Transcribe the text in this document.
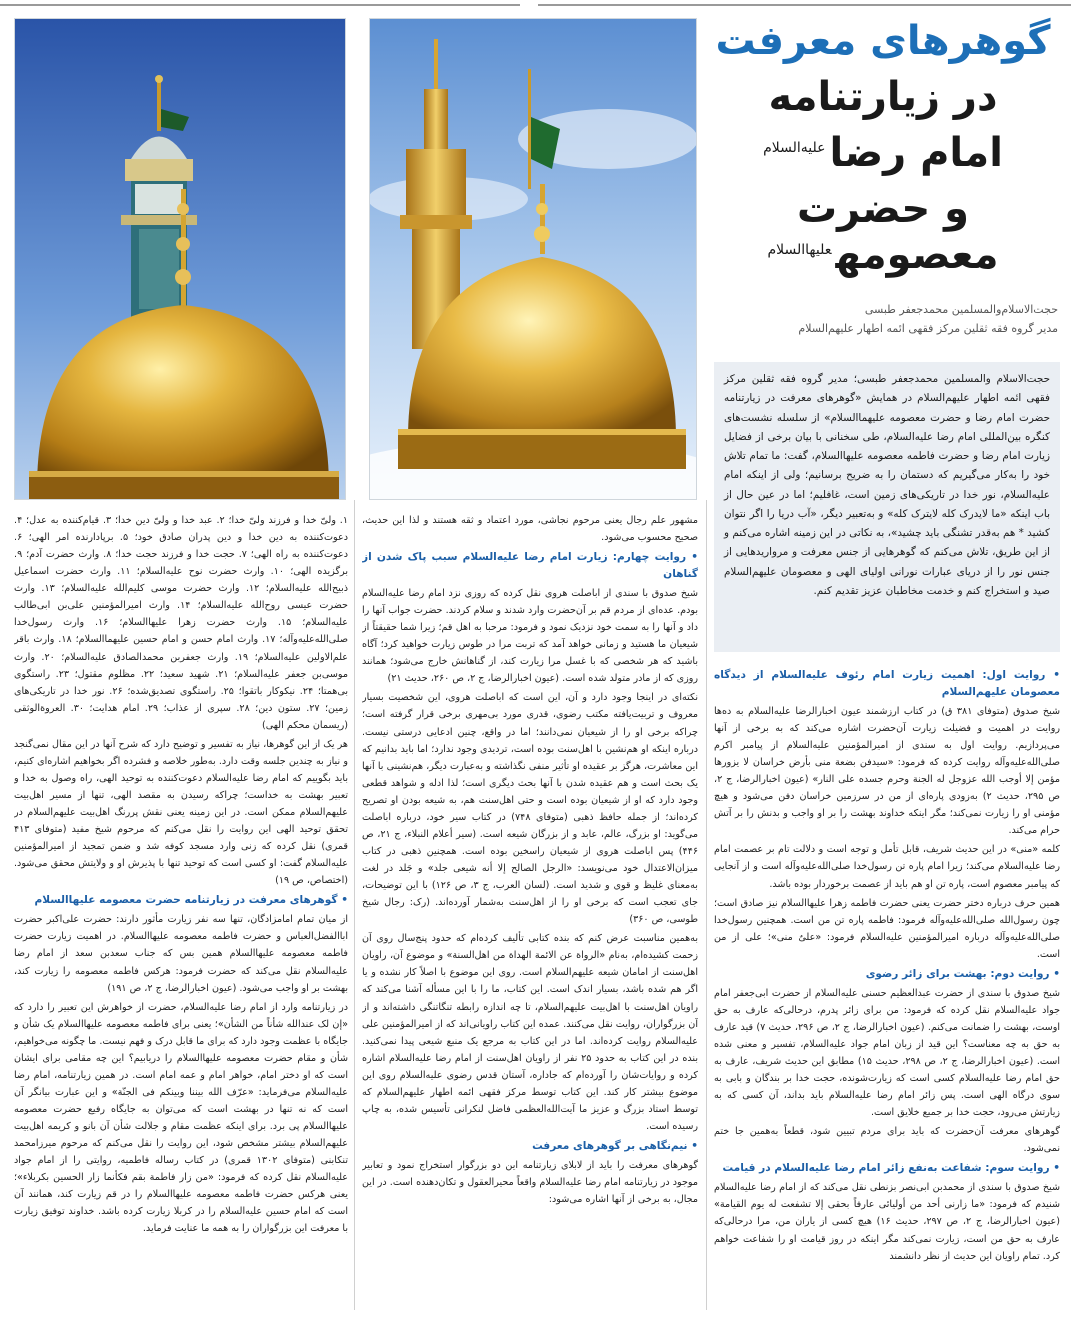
گوهرهای معرفت
در زیارتنامه
امام رضا$^{علیه‌السلام}$
و حضرت معصومه$^{علیهاالسلام}$
حجت‌الاسلام‌والمسلمین محمدجعفر طبسی
مدیر گروه فقه ثقلین مرکز فقهی ائمه اطهار علیهم‌السلام
حجت‌الاسلام والمسلمین محمدجعفر طبسی؛ مدیر گروه فقه ثقلین مرکز فقهی ائمه اطهار علیهم‌السلام در همایش «گوهرهای معرفت در زیارتنامه حضرت امام رضا و حضرت معصومه علیهماالسلام» از سلسله نشست‌های کنگره بین‌المللی امام رضا علیه‌السلام، طی سخنانی با بیان برخی از فضایل زیارت امام رضا و حضرت فاطمه معصومه علیهاالسلام، گفت: ما تمام تلاش خود را به‌کار می‌گیریم که دستمان را به ضریح برسانیم؛ ولی از اینکه امام علیه‌السلام، نور خدا در تاریکی‌های زمین است، غافلیم؛ اما در عین حال از باب اینکه «ما لایدرک کله لایترک کله» و به‌تعبیر دیگر، «آب دریا را اگر نتوان کشید * هم به‌قدر تشنگی باید چشید»، به نکاتی در این زمینه اشاره می‌کنم و از این طریق، تلاش می‌کنم که گوهرهایی از جنس معرفت و مرواریدهایی از جنس نور را از دریای عبارات نورانی اولیای الهی و معصومان علیهم‌السلام صید و استخراج کنم و خدمت مخاطبان عزیز تقدیم کنم.
• روایت اول: اهمیت زیارت امام رئوف علیه‌السلام از دیدگاه معصومان علیهم‌السلام

شیخ صدوق (متوفای ۳۸۱ ق) در کتاب ارزشمند عیون اخبارالرضا علیه‌السلام به ده‌ها روایت در اهمیت و فضیلت زیارت آن‌حضرت اشاره می‌کند که به برخی از آنها می‌پردازیم. روایت اول به سندی از امیرالمؤمنین علیه‌السلام از پیامبر اکرم صلی‌الله‌علیه‌وآله روایت کرده که فرمود: «سیدفن بضعة منی بأرض خراسان لا یزورها مؤمن إلا أوجب الله عزوجل له الجنة وحرم جسده علی النار» (عیون اخبارالرضا، ج ۲، ص ۲۹۵، حدیث ۲) به‌زودی پاره‌ای از من در سرزمین خراسان دفن می‌شود و هیچ مؤمنی او را زیارت نمی‌کند؛ مگر اینکه خداوند بهشت را بر او واجب و بدنش را بر آتش حرام می‌کند.

کلمه «منی» در این حدیث شریف، قابل تأمل و توجه است و دلالت تام بر عصمت امام رضا علیه‌السلام می‌کند؛ زیرا امام پاره تن رسول‌خدا صلی‌الله‌علیه‌وآله است و از آنجایی که پیامبر معصوم است، پاره تن او هم باید از عصمت برخوردار بوده باشد.

همین حرف درباره دختر حضرت یعنی حضرت فاطمه زهرا علیهاالسلام نیز صادق است؛ چون رسول‌الله صلی‌الله‌علیه‌وآله فرمود: فاطمه پاره تن من است. همچنین رسول‌خدا صلی‌الله‌علیه‌وآله درباره امیرالمؤمنین علیه‌السلام فرمود: «علیٌ منی»؛ علی از من است.

• روایت دوم: بهشت برای زائر رضوی

شیخ صدوق با سندی از حضرت عبدالعظیم حسنی علیه‌السلام از حضرت ابی‌جعفر امام جواد علیه‌السلام نقل کرده که فرمود: من برای زائر پدرم، درحالی‌که عارف به حق اوست، بهشت را ضمانت می‌کنم. (عیون اخبارالرضا، ج ۲، ص ۲۹۶، حدیث ۷) قید عارف به حق به چه معناست؟ این قید از زبان امام جواد علیه‌السلام، تفسیر و معنی شده است. (عیون اخبارالرضا، ج ۲، ص ۲۹۸، حدیث ۱۵) مطابق این حدیث شریف، عارف به حق امام رضا علیه‌السلام کسی است که زیارت‌شونده، حجت خدا بر بندگان و بابی به سوی درگاه الهی است. پس زائر امام رضا علیه‌السلام باید بداند، آن کسی که به زیارتش می‌رود، حجت خدا بر جمیع خلایق است.

گوهرهای معرفت آن‌حضرت که باید برای مردم تبیین شود، قطعاً به‌همین جا ختم نمی‌شود.

• روایت سوم: شفاعت به‌نفع زائر امام رضا علیه‌السلام در قیامت

شیخ صدوق با سندی از محمدبن ابی‌نصر بزنطی نقل می‌کند که از امام رضا علیه‌السلام شنیدم که فرمود: «ما زارنی أحد من أولیائی عارفاً بحقی إلا تشفعت له یوم القیامة» (عیون اخبارالرضا، ج ۲، ص ۲۹۷، حدیث ۱۶) هیچ کسی از یاران من، مرا درحالی‌که عارف به حق من است، زیارت نمی‌کند مگر اینکه در روز قیامت او را شفاعت خواهم کرد. تمام راویان این حدیث از نظر دانشمند

مشهور علم رجال یعنی مرحوم نجاشی، مورد اعتماد و ثقه هستند و لذا این حدیث، صحیح محسوب می‌شود.

• روایت چهارم: زیارت امام رضا علیه‌السلام سبب پاک شدن از گناهان

شیخ صدوق با سندی از اباصلت هروی نقل کرده که روزی نزد امام رضا علیه‌السلام بودم. عده‌ای از مردم قم بر آن‌حضرت وارد شدند و سلام کردند. حضرت جواب آنها را داد و آنها را به سمت خود نزدیک نمود و فرمود: مرحبا به اهل قم؛ زیرا شما حقیقتاً از شیعیان ما هستید و زمانی خواهد آمد که تربت مرا در طوس زیارت خواهید کرد؛ آگاه باشید که هر شخصی که با غسل مرا زیارت کند، از گناهانش خارج می‌شود؛ همانند روزی که از مادر متولد شده است. (عیون اخبارالرضا، ج ۲، ص ۲۶۰، حدیث ۲۱)

نکته‌ای در اینجا وجود دارد و آن، این است که اباصلت هروی، این شخصیت بسیار معروف و تربیت‌یافته مکتب رضوی، قدری مورد بی‌مهری برخی قرار گرفته است؛ چراکه برخی او را از شیعیان نمی‌دانند؛ اما در واقع، چنین ادعایی درستی نیست. درباره اینکه او هم‌نشین با اهل‌سنت بوده است، تردیدی وجود ندارد؛ اما باید بدانیم که این معاشرت، هرگز بر عقیده او تأثیر منفی نگذاشته و به‌عبارت دیگر، هم‌نشینی با آنها یک بحث است و هم عقیده شدن با آنها بحث دیگری است؛ لذا ادله و شواهد قطعی وجود دارد که او از شیعیان بوده است و حتی اهل‌سنت هم، به شیعه بودن او تصریح کرده‌اند؛ از جمله حافظ ذهبی (متوفای ۷۴۸) در کتاب سیر خود، درباره اباصلت می‌گوید: او بزرگ، عالم، عابد و از بزرگان شیعه است. (سیر أعلام النبلاء، ج ۲۱، ص ۴۴۶) پس اباصلت هروی از شیعیان راسخین بوده است. همچنین ذهبی در کتاب میزان‌الاعتدال خود می‌نویسد: «الرجل الصالح إلا أنه شیعی جلد» و جَلد در لغت به‌معنای غلیظ و قوی و شدید است. (لسان العرب، ج ۳، ص ۱۲۶) با این توضیحات، جای تعجب است که برخی او را از اهل‌سنت به‌شمار آورده‌اند. (رک: رجال شیخ طوسی، ص ۳۶۰)

به‌همین مناسبت عرض کنم که بنده کتابی تألیف کرده‌ام که حدود پنج‌سال روی آن زحمت کشیده‌ام، به‌نام «الرواة عن الائمة الهداة من اهل‌السنة» و موضوع آن، راویان اهل‌سنت از امامان شیعه علیهم‌السلام است. روی این موضوع با اصلاً کار نشده و یا اگر هم شده باشد، بسیار اندک است. این کتاب، ما را با این مسأله آشنا می‌کند که راویان اهل‌سنت با اهل‌بیت علیهم‌السلام، تا چه اندازه رابطه تنگاتنگی داشته‌اند و از آن بزرگواران، روایت نقل می‌کنند. عمده این کتاب راویانی‌اند که از امیرالمؤمنین علی علیه‌السلام روایت کرده‌اند. اما در این کتاب به مرجع یک منبع شیعی پیدا نمی‌کنید. بنده در این کتاب به حدود ۲۵ نفر از راویان اهل‌سنت از امام رضا علیه‌السلام اشاره کرده و روایات‌شان را آورده‌ام که جاداره، آستان قدس رضوی علیه‌السلام روی این موضوع بیشتر کار کند. این کتاب توسط مرکز فقهی ائمه اطهار علیهم‌السلام که توسط استاد بزرگ و عزیز ما آیت‌الله‌العظمی فاضل لنکرانی تأسیس شده، به چاپ رسیده است.

• نیم‌نگاهی بر گوهرهای معرفت

گوهرهای معرفت را باید از لابلای زیارتنامه این دو بزرگوار استخراج نمود و تعابیر موجود در زیارتنامه امام رضا علیه‌السلام واقعاً محیرالعقول و تکان‌دهنده است. در این مجال، به برخی از آنها اشاره می‌شود:

۱. ولیّ خدا و فرزند ولیّ خدا؛ ۲. عبد خدا و ولیّ دین خدا؛ ۳. قیام‌کننده به عدل؛ ۴. دعوت‌کننده به دین خدا و دین پدران صادق خود؛ ۵. برپادارنده امر الهی؛ ۶. دعوت‌کننده به راه الهی؛ ۷. حجت خدا و فرزند حجت خدا؛ ۸. وارث حضرت آدم؛ ۹. برگزیده الهی؛ ۱۰. وارث حضرت نوح علیه‌السلام؛ ۱۱. وارث حضرت اسماعیل ذبیح‌الله علیه‌السلام؛ ۱۲. وارث حضرت موسی کلیم‌الله علیه‌السلام؛ ۱۳. وارث حضرت عیسی روح‌الله علیه‌السلام؛ ۱۴. وارث امیرالمؤمنین علی‌بن ابی‌طالب علیه‌السلام؛ ۱۵. وارث حضرت زهرا علیهاالسلام؛ ۱۶. وارث رسول‌خدا صلی‌الله‌علیه‌وآله؛ ۱۷. وارث امام حسن و امام حسین علیهماالسلام؛ ۱۸. وارث باقر علم‌الاولین علیه‌السلام؛ ۱۹. وارث جعفربن محمدالصادق علیه‌السلام؛ ۲۰. وارث موسی‌بن جعفر علیه‌السلام؛ ۲۱. شهید سعید؛ ۲۲. مظلوم مقتول؛ ۲۳. راستگوی بی‌همتا؛ ۲۴. نیکوکار باتقوا؛ ۲۵. راستگوی تصدیق‌شده؛ ۲۶. نور خدا در تاریکی‌های زمین؛ ۲۷. ستون دین؛ ۲۸. سپری از عذاب؛ ۲۹. امام هدایت؛ ۳۰. العروة‌الوثقی (ریسمان محکم الهی)

هر یک از این گوهرها، نیاز به تفسیر و توضیح دارد که شرح آنها در این مقال نمی‌گنجد و نیاز به چندین جلسه وقت دارد. به‌طور خلاصه و فشرده اگر بخواهیم اشاره‌ای کنیم، باید بگوییم که امام رضا علیه‌السلام دعوت‌کننده به توحید الهی، راه وصول به خدا و تعبیر بهشت به خداست؛ چراکه رسیدن به مقصد الهی، تنها از مسیر اهل‌بیت علیهم‌السلام ممکن است. در این زمینه یعنی نقش پررنگ اهل‌بیت علیهم‌السلام در تحقق توحید الهی این روایت را نقل می‌کنم که مرحوم شیخ مفید (متوفای ۴۱۳ قمری) نقل کرده که زنی وارد مسجد کوفه شد و ضمن تمجید از امیرالمؤمنین علیه‌السلام گفت: او کسی است که توحید تنها با پذیرش او و ولایتش محقق می‌شود. (اختصاص، ص ۱۹)

• گوهرهای معرفت در زیارتنامه حضرت معصومه علیهاالسلام

از میان تمام امامزادگان، تنها سه نفر زیارت مأثور دارند: حضرت علی‌اکبر حضرت اباالفضل‌العباس و حضرت فاطمه معصومه علیهاالسلام. در اهمیت زیارت حضرت فاطمه معصومه علیهاالسلام همین بس که جناب سعدبن سعد از امام رضا علیه‌السلام نقل می‌کند که حضرت فرمود: هرکس فاطمه معصومه را زیارت کند، بهشت بر او واجب می‌شود. (عیون اخبارالرضا، ج ۲، ص ۱۹۱)

در زیارتنامه وارد از امام رضا علیه‌السلام، حضرت از خواهرش این تعبیر را دارد که «إن لک عندالله شأناً من الشأن»؛ یعنی برای فاطمه معصومه علیهاالسلام یک شأن و جایگاه با عظمت وجود دارد که برای ما قابل درک و فهم نیست. ما چگونه می‌خواهیم، شأن و مقام حضرت معصومه علیهاالسلام را دریابیم؟ این چه مقامی برای ایشان است که او دختر امام، خواهر امام و عمه امام است. در همین زیارتنامه، امام رضا علیه‌السلام می‌فرماید: «عرّف الله بیننا وبینکم فی الجنّة» و این عبارت بیانگر آن است که نه تنها در بهشت است که می‌توان به جایگاه رفیع حضرت معصومه علیهاالسلام پی برد. برای اینکه عظمت مقام و جلالت شأن آن بانو و کریمه اهل‌بیت علیهم‌السلام بیشتر مشخص شود، این روایت را نقل می‌کنم که مرحوم میرزامحمد تنکابنی (متوفای ۱۳۰۲ قمری) در کتاب رساله فاطمیه، روایتی را از امام جواد علیه‌السلام نقل کرده که فرمود: «من زار فاطمة بقم فکأنما زار الحسین بکربلاء»؛ یعنی هرکس حضرت فاطمه معصومه علیهاالسلام را در قم زیارت کند، همانند آن است که امام حسین علیه‌السلام را در کربلا زیارت کرده باشد. خداوند توفیق زیارت با معرفت این بزرگواران را به همه ما عنایت فرماید.
